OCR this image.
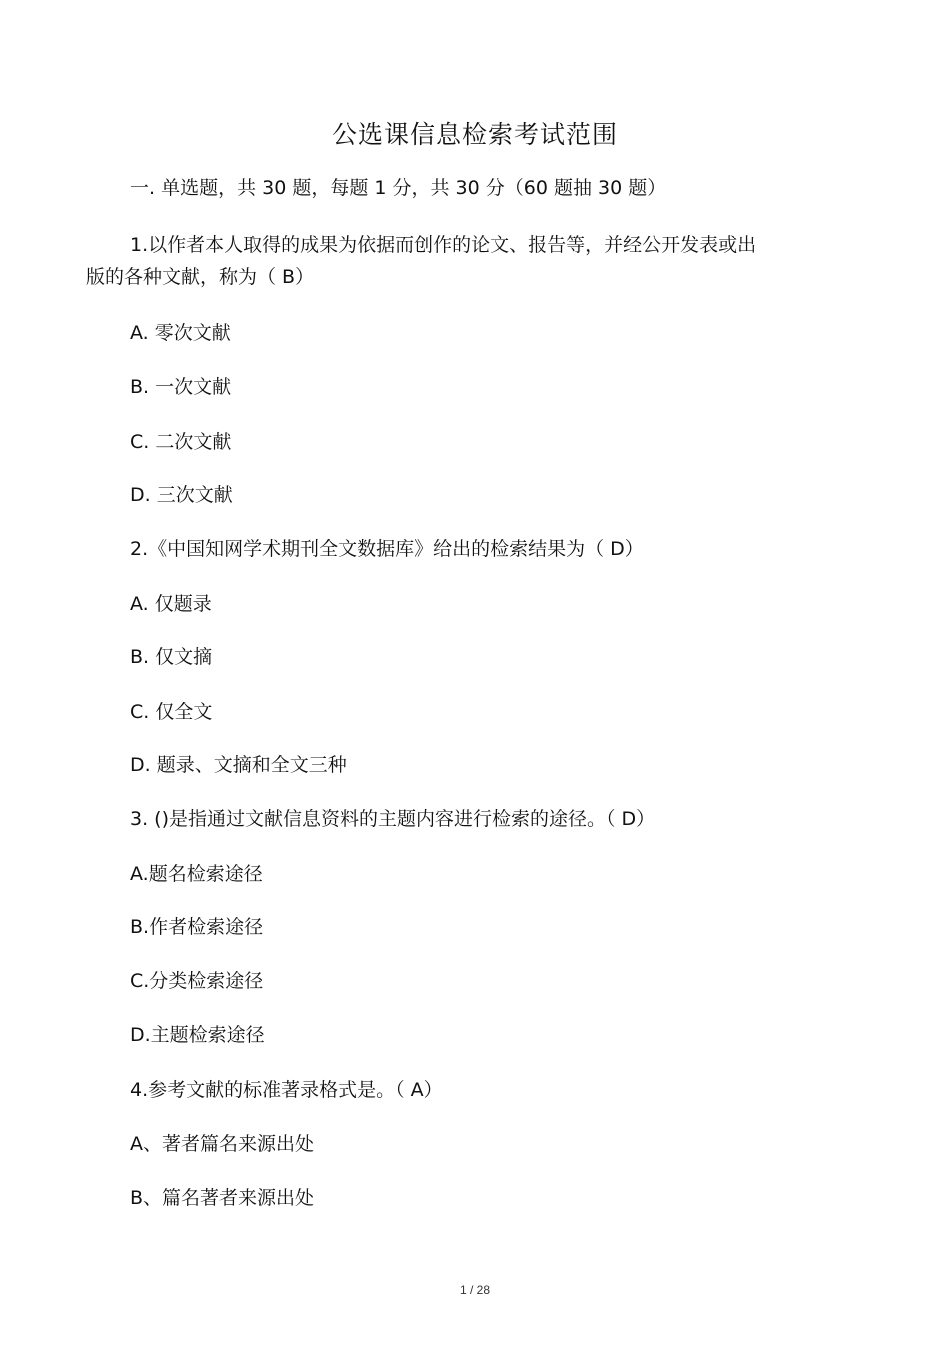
公选课信息检索考试范围
一. 单选题，共 30 题，每题 1 分，共 30 分（60 题抽 30 题）
1.以作者本人取得的成果为依据而创作的论文、报告等，并经公开发表或出
版的各种文献，称为（ B）
A. 零次文献
B. 一次文献
C. 二次文献
D. 三次文献
2.《中国知网学术期刊全文数据库》给出的检索结果为（ D）
A. 仅题录
B. 仅文摘
C. 仅全文
D. 题录、文摘和全文三种
3. ()是指通过文献信息资料的主题内容进行检索的途径。（ D）
A.题名检索途径
B.作者检索途径
C.分类检索途径
D.主题检索途径
4.参考文献的标准著录格式是。（ A）
A、著者篇名来源出处
B、篇名著者来源出处
1 / 28
